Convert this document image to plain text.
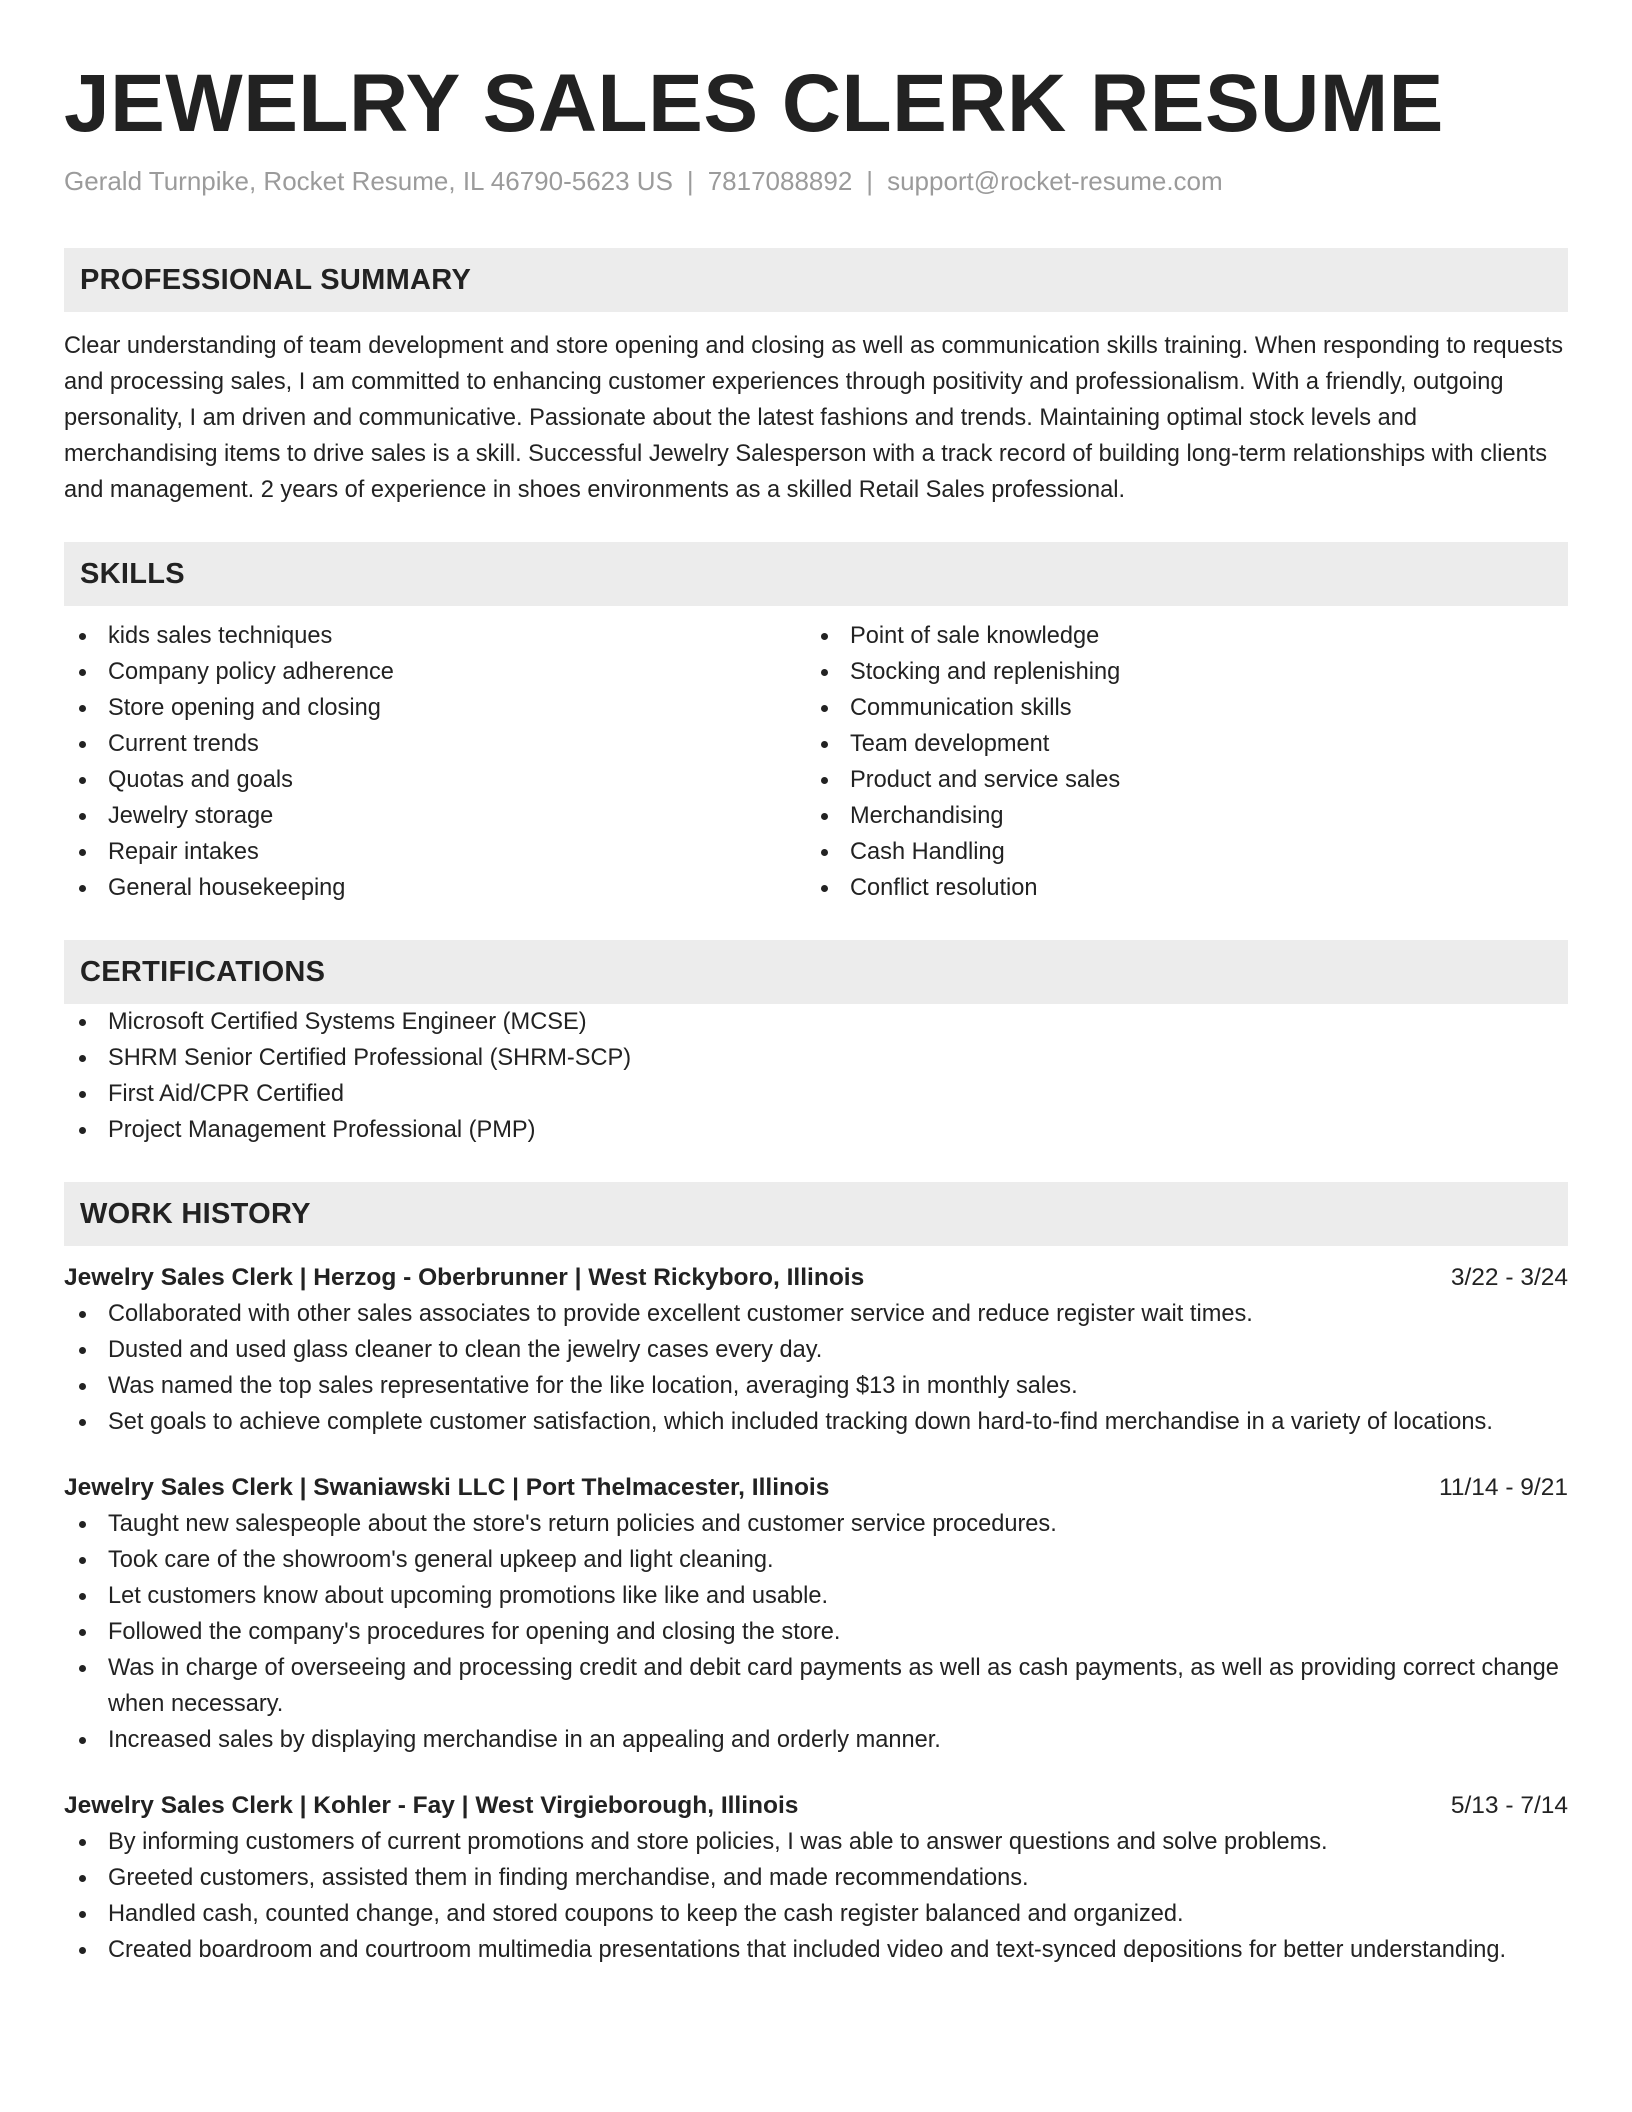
JEWELRY SALES CLERK RESUME
Gerald Turnpike, Rocket Resume, IL 46790-5623 US | 7817088892 | support@rocket-resume.com
PROFESSIONAL SUMMARY

Clear understanding of team development and store opening and closing as well as communication skills training. When responding to requests and processing sales, I am committed to enhancing customer experiences through positivity and professionalism. With a friendly, outgoing personality, I am driven and communicative. Passionate about the latest fashions and trends. Maintaining optimal stock levels and merchandising items to drive sales is a skill. Successful Jewelry Salesperson with a track record of building long-term relationships with clients and management. 2 years of experience in shoes environments as a skilled Retail Sales professional.

SKILLS
kids sales techniques
Company policy adherence
Store opening and closing
Current trends
Quotas and goals
Jewelry storage
Repair intakes
General housekeeping
Point of sale knowledge
Stocking and replenishing
Communication skills
Team development
Product and service sales
Merchandising
Cash Handling
Conflict resolution
CERTIFICATIONS
Microsoft Certified Systems Engineer (MCSE)
SHRM Senior Certified Professional (SHRM-SCP)
First Aid/CPR Certified
Project Management Professional (PMP)
WORK HISTORY
Jewelry Sales Clerk | Herzog - Oberbrunner | West Rickyboro, Illinois	3/22 - 3/24
Collaborated with other sales associates to provide excellent customer service and reduce register wait times.
Dusted and used glass cleaner to clean the jewelry cases every day.
Was named the top sales representative for the like location, averaging $13 in monthly sales.
Set goals to achieve complete customer satisfaction, which included tracking down hard-to-find merchandise in a variety of locations.
Jewelry Sales Clerk | Swaniawski LLC | Port Thelmacester, Illinois	11/14 - 9/21
Taught new salespeople about the store's return policies and customer service procedures.
Took care of the showroom's general upkeep and light cleaning.
Let customers know about upcoming promotions like like and usable.
Followed the company's procedures for opening and closing the store.
Was in charge of overseeing and processing credit and debit card payments as well as cash payments, as well as providing correct change when necessary.
Increased sales by displaying merchandise in an appealing and orderly manner.
Jewelry Sales Clerk | Kohler - Fay | West Virgieborough, Illinois	5/13 - 7/14
By informing customers of current promotions and store policies, I was able to answer questions and solve problems.
Greeted customers, assisted them in finding merchandise, and made recommendations.
Handled cash, counted change, and stored coupons to keep the cash register balanced and organized.
Created boardroom and courtroom multimedia presentations that included video and text-synced depositions for better understanding.
